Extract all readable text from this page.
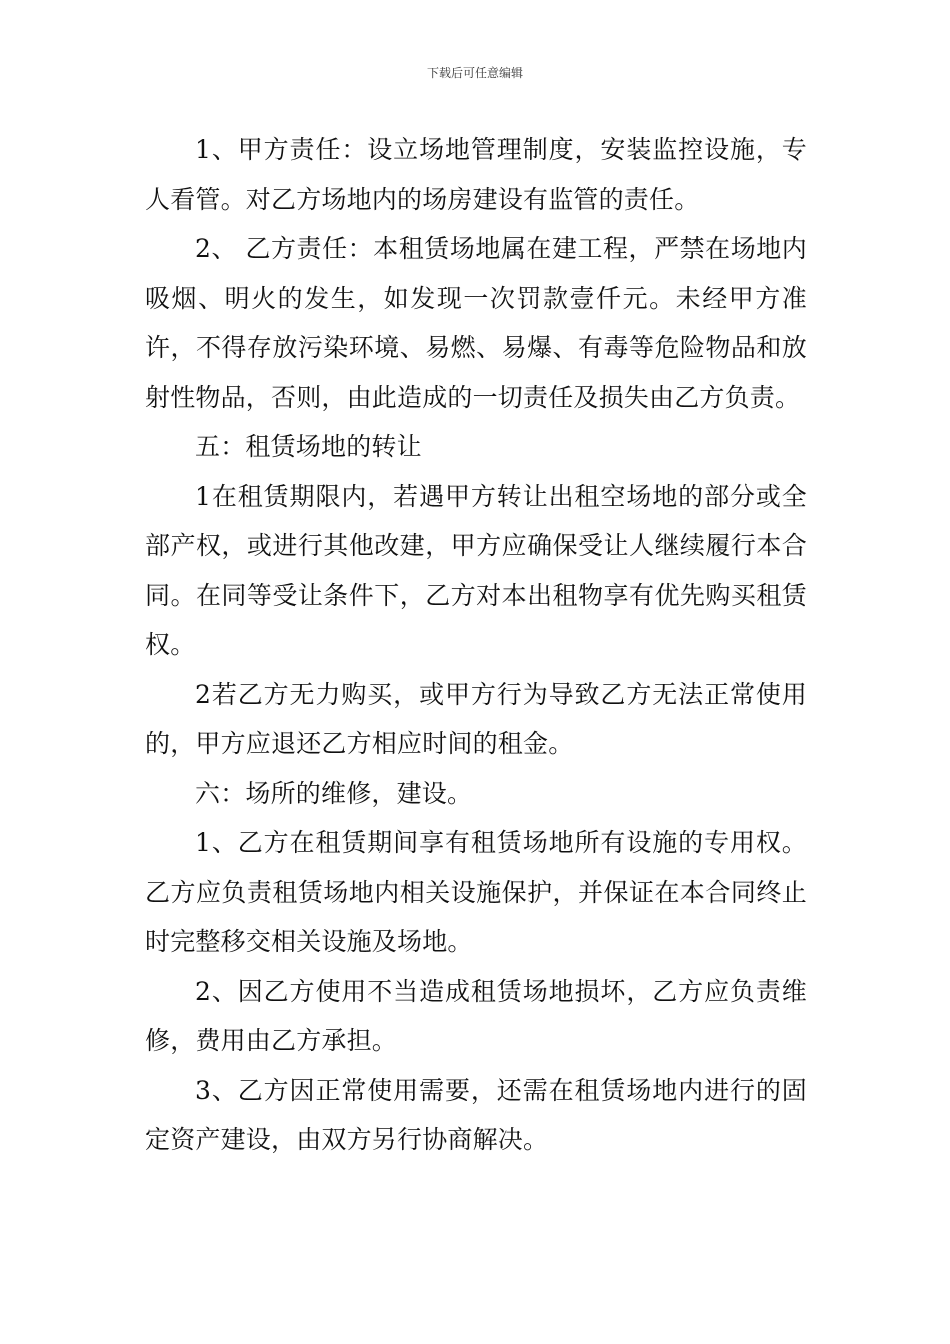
下载后可任意编辑

1、甲方责任：设立场地管理制度，安装监控设施，专人看管。对乙方场地内的场房建设有监管的责任。

2、 乙方责任：本租赁场地属在建工程，严禁在场地内吸烟、明火的发生，如发现一次罚款壹仟元。未经甲方准许，不得存放污染环境、易燃、易爆、有毒等危险物品和放射性物品，否则，由此造成的一切责任及损失由乙方负责。

五：租赁场地的转让

1在租赁期限内，若遇甲方转让出租空场地的部分或全部产权，或进行其他改建，甲方应确保受让人继续履行本合同。在同等受让条件下，乙方对本出租物享有优先购买租赁权。

2若乙方无力购买，或甲方行为导致乙方无法正常使用的，甲方应退还乙方相应时间的租金。

六：场所的维修，建设。

1、乙方在租赁期间享有租赁场地所有设施的专用权。乙方应负责租赁场地内相关设施保护，并保证在本合同终止时完整移交相关设施及场地。

2、因乙方使用不当造成租赁场地损坏，乙方应负责维修，费用由乙方承担。

3、乙方因正常使用需要，还需在租赁场地内进行的固定资产建设，由双方另行协商解决。
